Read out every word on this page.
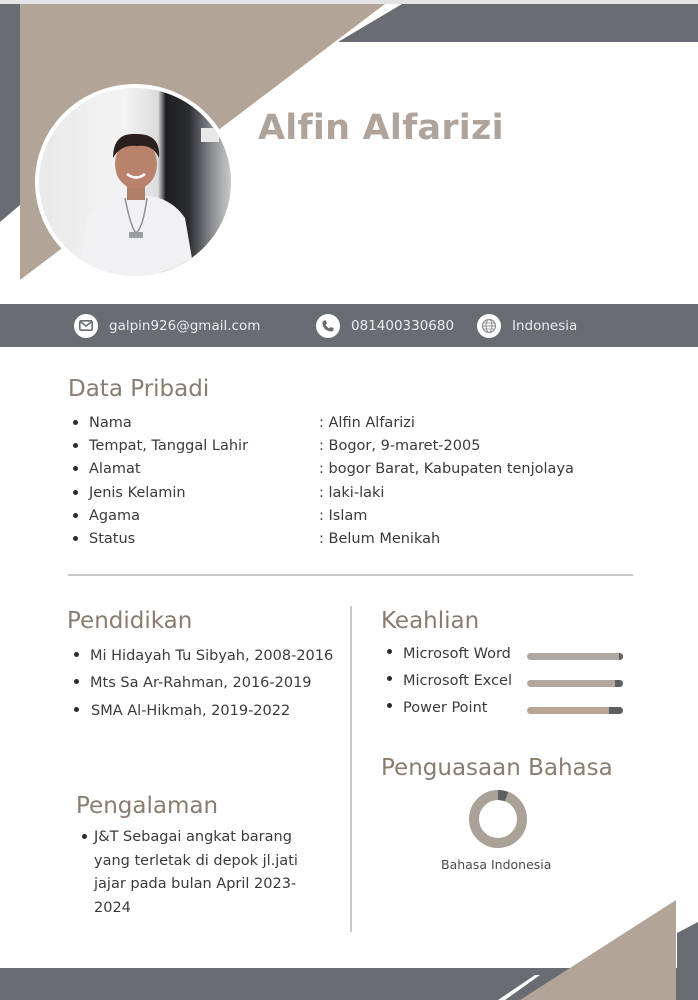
Alfin Alfarizi
galpin926@gmail.com	081400330680	Indonesia
Data Pribadi
Nama	: Alfin Alfarizi
Tempat, Tanggal Lahir	: Bogor, 9-maret-2005
Alamat	: bogor Barat, Kabupaten tenjolaya
Jenis Kelamin	: laki-laki
Agama	: Islam
Status	: Belum Menikah
Pendidikan
Mi Hidayah Tu Sibyah, 2008-2016
Mts Sa Ar-Rahman, 2016-2019
SMA Al-Hikmah, 2019-2022
Keahlian
Microsoft Word
Microsoft Excel
Power Point
Penguasaan Bahasa
Bahasa Indonesia
Pengalaman
J&T Sebagai angkat barang yang terletak di depok jl.jati jajar pada bulan April 2023-2024
